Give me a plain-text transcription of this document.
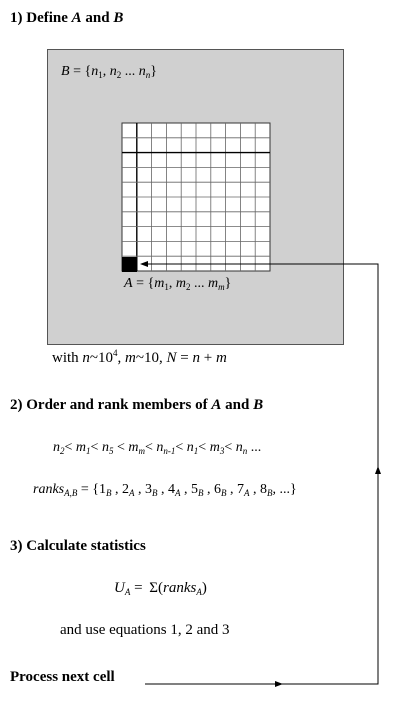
1) Define A and B
$B = \{n_1$, $n_2$ ... $n_n$}
$A = \{m_1$, $m_2$ ... $m_m$}
with $n\sim 10^4$, m~10, N = n + m
2) Order and rank members of A and B
$n_2< m_1< n_5 < m_m< n_{n-1}< n_1< m_3< n_n$ ...
ranks$_{A,B}$ = {$1_B$ , $2_A$ , $3_B$ , $4_A$ , $5_B$ , $6_B$ , $7_A$ , $8_B$, ...}
3) Calculate statistics
$U_A$ =  Σ(ranks$_A$)
and use equations 1, 2 and 3
Process next cell
